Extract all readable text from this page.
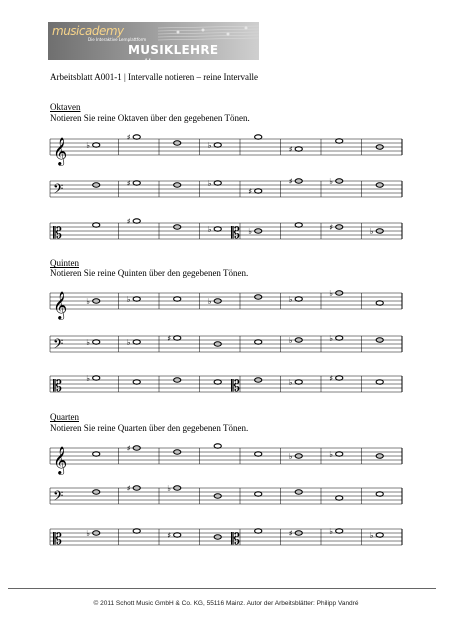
musicademy
Die Interaktive Lernplattform
MUSIKLEHRE online
Arbeitsblatt A001-1 | Intervalle notieren – reine Intervalle
Oktaven
Notieren Sie reine Oktaven über den gegebenen Tönen.
𝄞 ♭
♯
♭	♯
𝄢	♯	♭
♯
♯	♭
𝄡
♯
♭	♭	♯	♭
𝄡
Quinten
Notieren Sie reine Quinten über den gegebenen Tönen.
𝄞 ♭	♭	♭	♭
♭
𝄢	♭	♭	♯	♭	♭
𝄡	♭	♭	♯
𝄡
Quarten
Notieren Sie reine Quarten über den gegebenen Tönen.
𝄞	♯
♭	♭
𝄢	♯	♭
𝄡	♭	♯	♯	♭	♭
𝄡
© 2011 Schott Music GmbH & Co. KG, 55116 Mainz. Autor der Arbeitsblätter: Philipp Vandré
